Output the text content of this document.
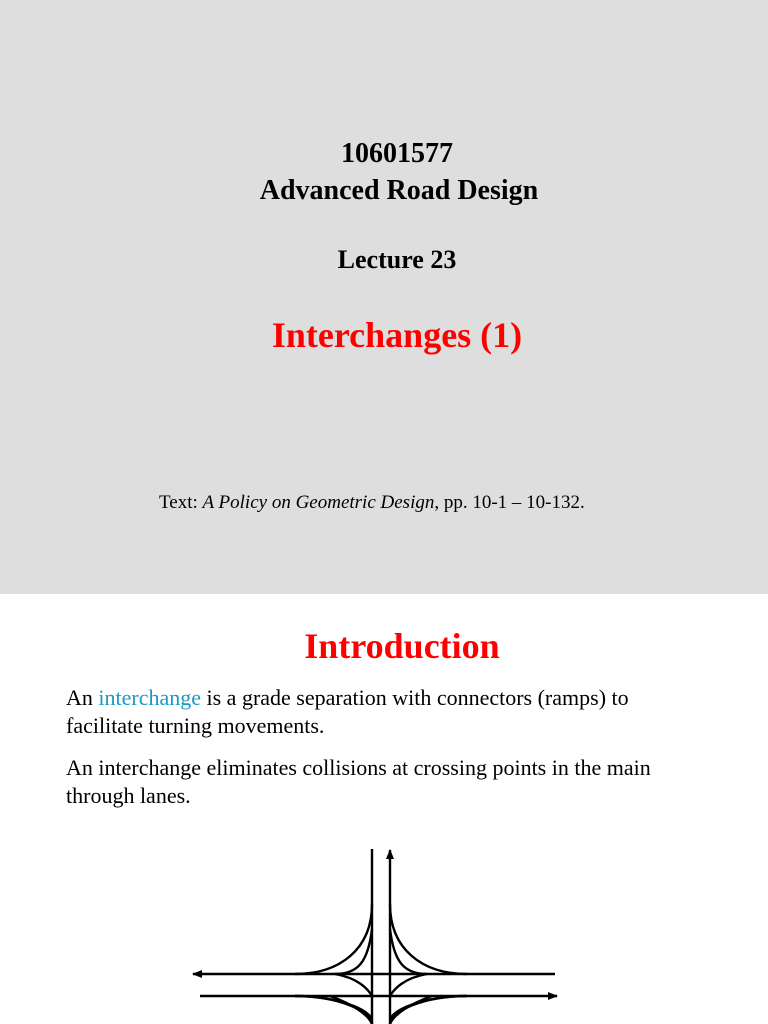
10601577
Advanced Road Design
Lecture 23
Interchanges (1)
Text: A Policy on Geometric Design, pp. 10-1 – 10-132.
Introduction
An interchange is a grade separation with connectors (ramps) to facilitate turning movements.
An interchange eliminates collisions at crossing points in the main through lanes.
